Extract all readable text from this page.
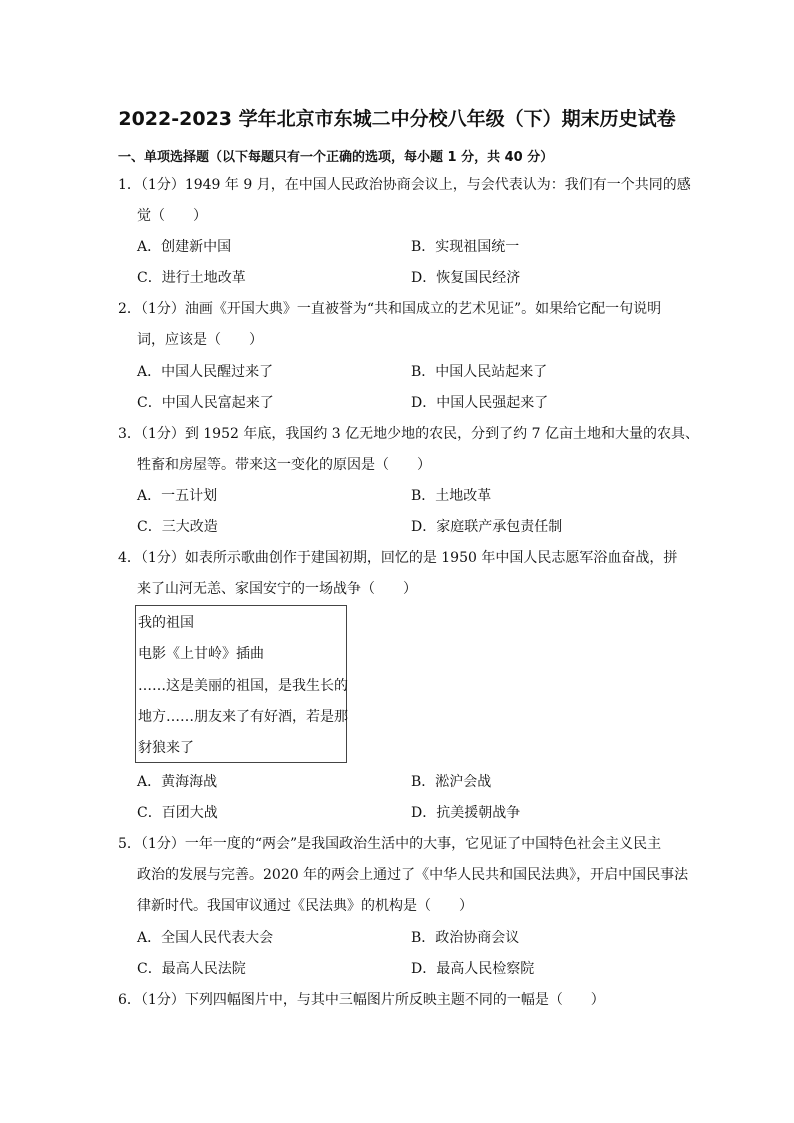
2022-2023 学年北京市东城二中分校八年级（下）期末历史试卷
一、单项选择题（以下每题只有一个正确的选项，每小题 1 分，共 40 分）
1．（1分）1949 年 9 月，在中国人民政治协商会议上，与会代表认为：我们有一个共同的感
觉（　　）
A．创建新中国	B．实现祖国统一
C．进行土地改革	D．恢复国民经济
2．（1分）油画《开国大典》一直被誉为“共和国成立的艺术见证”。如果给它配一句说明
词，应该是（　　）
A．中国人民醒过来了	B．中国人民站起来了
C．中国人民富起来了	D．中国人民强起来了
3．（1分）到 1952 年底，我国约 3 亿无地少地的农民，分到了约 7 亿亩土地和大量的农具、
牲畜和房屋等。带来这一变化的原因是（　　）
A．一五计划	B．土地改革
C．三大改造	D．家庭联产承包责任制
4．（1分）如表所示歌曲创作于建国初期，回忆的是 1950 年中国人民志愿军浴血奋战，拼
来了山河无恙、家国安宁的一场战争（　　）
我的祖国
电影《上甘岭》插曲
……这是美丽的祖国，是我生长的
地方……朋友来了有好酒，若是那
豺狼来了
A．黄海海战	B．淞沪会战
C．百团大战	D．抗美援朝战争
5．（1分）一年一度的“两会”是我国政治生活中的大事，它见证了中国特色社会主义民主
政治的发展与完善。2020 年的两会上通过了《中华人民共和国民法典》，开启中国民事法
律新时代。我国审议通过《民法典》的机构是（　　）
A．全国人民代表大会	B．政治协商会议
C．最高人民法院	D．最高人民检察院
6．（1分）下列四幅图片中，与其中三幅图片所反映主题不同的一幅是（　　）
